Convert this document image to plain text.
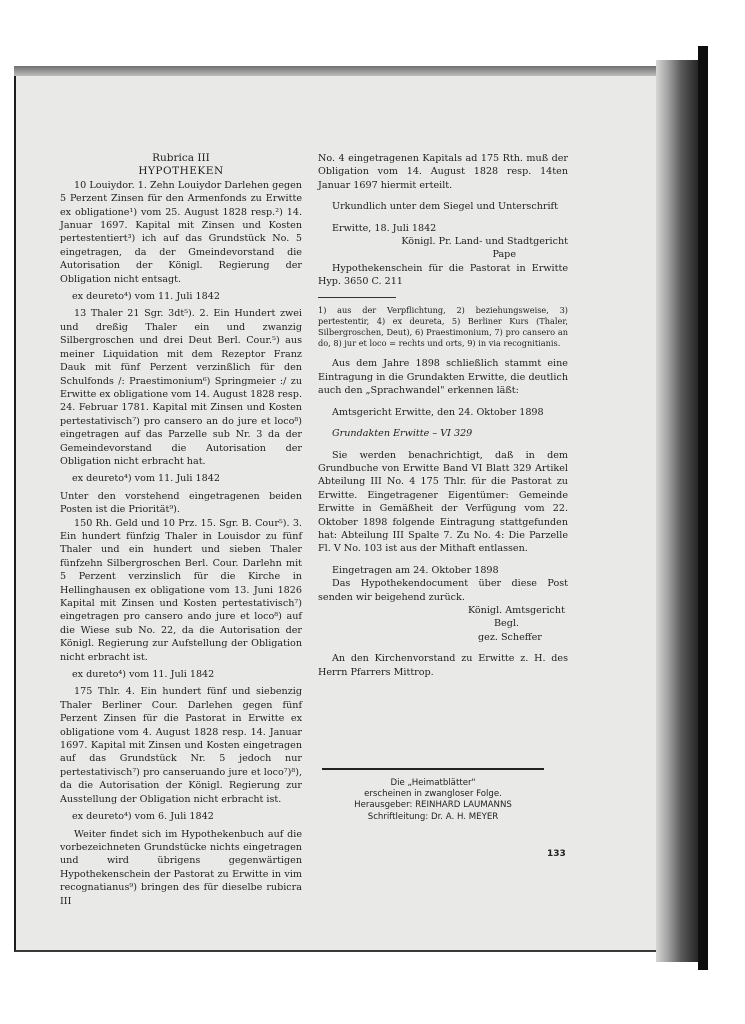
Rubrica III

HYPOTHEKEN

10 Louiydor. 1. Zehn Louiydor Darlehen gegen 5 Perzent Zinsen für den Armenfonds zu Erwitte ex obligatione¹) vom 25. August 1828 resp.²) 14. Januar 1697. Kapital mit Zinsen und Kosten pertestentiert³) ich auf das Grundstück No. 5 eingetragen, da der Gmeindevorstand die Autorisation der Königl. Regierung der Obligation nicht entsagt.

ex deureto⁴) vom 11. Juli 1842

13 Thaler 21 Sgr. 3dt⁵). 2. Ein Hundert zwei und dreßig Thaler ein und zwanzig Silbergroschen und drei Deut Berl. Cour.⁵) aus meiner Liquidation mit dem Rezeptor Franz Dauk mit fünf Perzent verzinßlich für den Schulfonds /: Praestimonium⁶) Springmeier :/ zu Erwitte ex obligatione vom 14. August 1828 resp. 24. Februar 1781. Kapital mit Zinsen und Kosten pertestativisch⁷) pro cansero an do jure et loco⁸) eingetragen auf das Parzelle sub Nr. 3 da der Gemeindevorstand die Autorisation der Obligation nicht erbracht hat.

ex deureto⁴) vom 11. Juli 1842

Unter den vorstehend eingetragenen beiden Posten ist die Priorität⁹).

150 Rh. Geld und 10 Prz. 15. Sgr. B. Cour⁵). 3. Ein hundert fünfzig Thaler in Louisdor zu fünf Thaler und ein hundert und sieben Thaler fünfzehn Silbergroschen Berl. Cour. Darlehn mit 5 Perzent verzinslich für die Kirche in Hellinghausen ex obligatione vom 13. Juni 1826 Kapital mit Zinsen und Kosten pertestativisch⁷) eingetragen pro cansero ando jure et loco⁸) auf die Wiese sub No. 22, da die Autorisation der Königl. Regierung zur Aufstellung der Obligation nicht erbracht ist.

ex dureto⁴) vom 11. Juli 1842

175 Thlr. 4. Ein hundert fünf und siebenzig Thaler Berliner Cour. Darlehen gegen fünf Perzent Zinsen für die Pastorat in Erwitte ex obligatione vom 4. August 1828 resp. 14. Januar 1697. Kapital mit Zinsen und Kosten eingetragen auf das Grundstück Nr. 5 jedoch nur pertestativisch⁷) pro canseruando jure et loco⁷)⁸), da die Autorisation der Königl. Regierung zur Ausstellung der Obligation nicht erbracht ist.

ex deureto⁴) vom 6. Juli 1842

Weiter findet sich im Hypothekenbuch auf die vorbezeichneten Grundstücke nichts eingetragen und wird übrigens gegenwärtigen Hypothekenschein der Pastorat zu Erwitte in vim recognatianus⁹) bringen des für dieselbe rubicra III

No. 4 eingetragenen Kapitals ad 175 Rth. muß der Obligation vom 14. August 1828 resp. 14ten Januar 1697 hiermit erteilt.

Urkundlich unter dem Siegel und Unterschrift

Erwitte, 18. Juli 1842

Königl. Pr. Land- und Stadtgericht

Pape

Hypothekenschein für die Pastorat in Erwitte Hyp. 3650 C. 211

1) aus der Verpflichtung, 2) beziehungsweise, 3) pertestentir, 4) ex deureta, 5) Berliner Kurs (Thaler, Silbergroschen, Deut), 6) Praestimonium, 7) pro cansero an do, 8) jur et loco = rechts und orts, 9) in via recognitianis.

Aus dem Jahre 1898 schließlich stammt eine Eintragung in die Grundakten Erwitte, die deutlich auch den „Sprachwandel" erkennen läßt:

Amtsgericht Erwitte, den 24. Oktober 1898

Grundakten Erwitte – VI 329

Sie werden benachrichtigt, daß in dem Grundbuche von Erwitte Band VI Blatt 329 Artikel Abteilung III No. 4 175 Thlr. für die Pastorat zu Erwitte. Eingetragener Eigentümer: Gemeinde Erwitte in Gemäßheit der Verfügung vom 22. Oktober 1898 folgende Eintragung stattgefunden hat: Abteilung III Spalte 7. Zu No. 4: Die Parzelle Fl. V No. 103 ist aus der Mithaft entlassen.

Eingetragen am 24. Oktober 1898

Das Hypothekendocument über diese Post senden wir beigehend zurück.

Königl. Amtsgericht

Begl.

gez. Scheffer

An den Kirchenvorstand zu Erwitte z. H. des Herrn Pfarrers Mittrop.

Die „Heimatblätter"
erscheinen in zwangloser Folge.
Herausgeber: REINHARD LAUMANNS
Schriftleitung: Dr. A. H. MEYER
133
